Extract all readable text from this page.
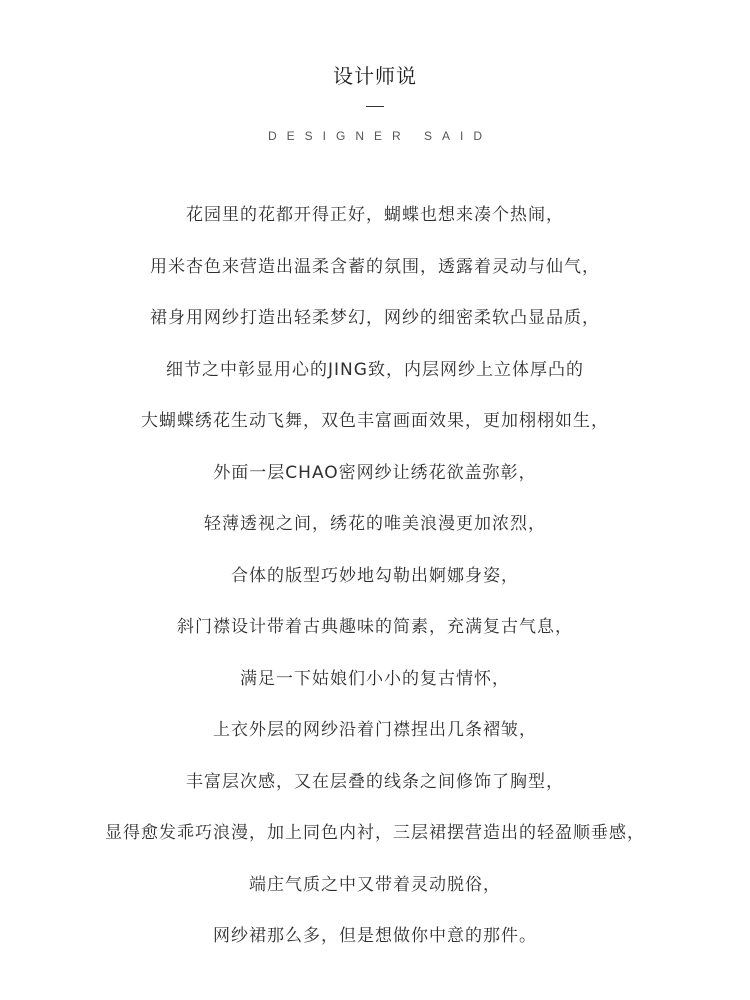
设计师说
DESIGNER SAID
花园里的花都开得正好，蝴蝶也想来凑个热闹，
用米杏色来营造出温柔含蓄的氛围，透露着灵动与仙气，
裙身用网纱打造出轻柔梦幻，网纱的细密柔软凸显品质，
细节之中彰显用心的JING致，内层网纱上立体厚凸的
大蝴蝶绣花生动飞舞，双色丰富画面效果，更加栩栩如生，
外面一层CHAO密网纱让绣花欲盖弥彰，
轻薄透视之间，绣花的唯美浪漫更加浓烈，
合体的版型巧妙地勾勒出婀娜身姿，
斜门襟设计带着古典趣味的简素，充满复古气息，
满足一下姑娘们小小的复古情怀，
上衣外层的网纱沿着门襟捏出几条褶皱，
丰富层次感，又在层叠的线条之间修饰了胸型，
显得愈发乖巧浪漫，加上同色内衬，三层裙摆营造出的轻盈顺垂感，
端庄气质之中又带着灵动脱俗，
网纱裙那么多，但是想做你中意的那件。
